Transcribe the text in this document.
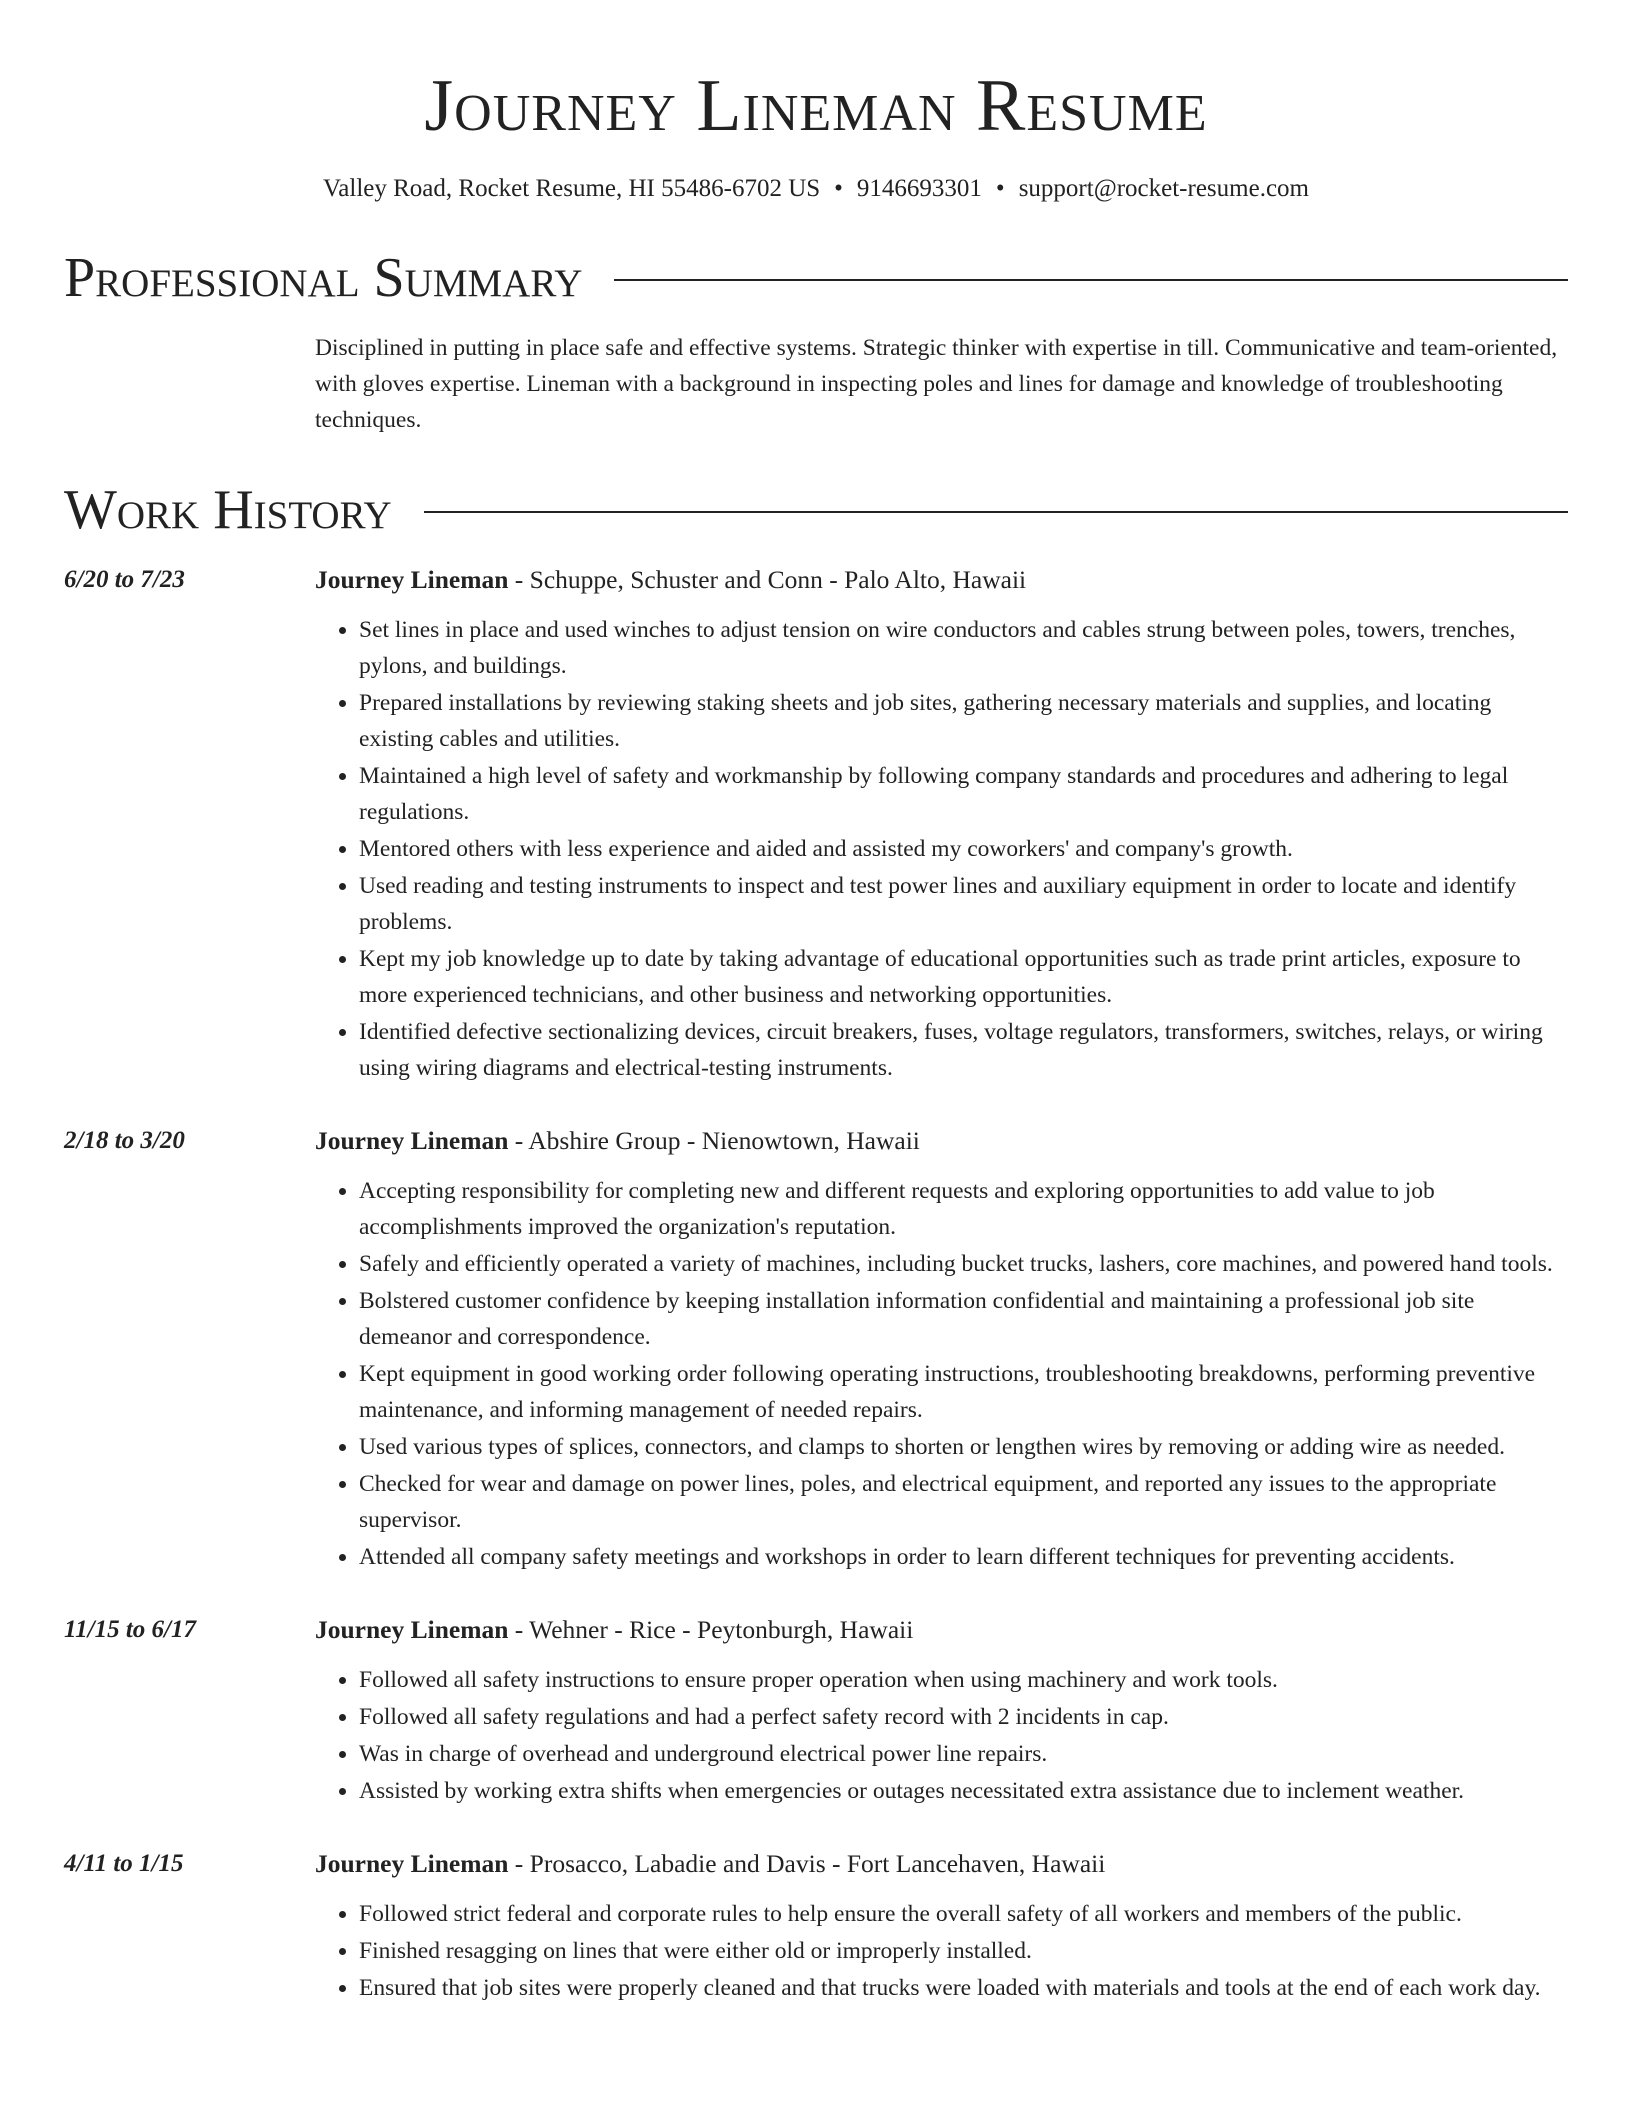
Journey Lineman Resume
Valley Road, Rocket Resume, HI 55486-6702 US • 9146693301 • support@rocket-resume.com
Professional Summary
Disciplined in putting in place safe and effective systems. Strategic thinker with expertise in till. Communicative and team-oriented, with gloves expertise. Lineman with a background in inspecting poles and lines for damage and knowledge of troubleshooting techniques.
Work History
6/20 to 7/23	Journey Lineman - Schuppe, Schuster and Conn - Palo Alto, Hawaii
• Set lines in place and used winches to adjust tension on wire conductors and cables strung between poles, towers, trenches, pylons, and buildings.
• Prepared installations by reviewing staking sheets and job sites, gathering necessary materials and supplies, and locating existing cables and utilities.
• Maintained a high level of safety and workmanship by following company standards and procedures and adhering to legal regulations.
• Mentored others with less experience and aided and assisted my coworkers' and company's growth.
• Used reading and testing instruments to inspect and test power lines and auxiliary equipment in order to locate and identify problems.
• Kept my job knowledge up to date by taking advantage of educational opportunities such as trade print articles, exposure to more experienced technicians, and other business and networking opportunities.
• Identified defective sectionalizing devices, circuit breakers, fuses, voltage regulators, transformers, switches, relays, or wiring using wiring diagrams and electrical-testing instruments.
2/18 to 3/20	Journey Lineman - Abshire Group - Nienowtown, Hawaii
• Accepting responsibility for completing new and different requests and exploring opportunities to add value to job accomplishments improved the organization's reputation.
• Safely and efficiently operated a variety of machines, including bucket trucks, lashers, core machines, and powered hand tools.
• Bolstered customer confidence by keeping installation information confidential and maintaining a professional job site demeanor and correspondence.
• Kept equipment in good working order following operating instructions, troubleshooting breakdowns, performing preventive maintenance, and informing management of needed repairs.
• Used various types of splices, connectors, and clamps to shorten or lengthen wires by removing or adding wire as needed.
• Checked for wear and damage on power lines, poles, and electrical equipment, and reported any issues to the appropriate supervisor.
• Attended all company safety meetings and workshops in order to learn different techniques for preventing accidents.
11/15 to 6/17	Journey Lineman - Wehner - Rice - Peytonburgh, Hawaii
• Followed all safety instructions to ensure proper operation when using machinery and work tools.
• Followed all safety regulations and had a perfect safety record with 2 incidents in cap.
• Was in charge of overhead and underground electrical power line repairs.
• Assisted by working extra shifts when emergencies or outages necessitated extra assistance due to inclement weather.
4/11 to 1/15	Journey Lineman - Prosacco, Labadie and Davis - Fort Lancehaven, Hawaii
• Followed strict federal and corporate rules to help ensure the overall safety of all workers and members of the public.
• Finished resagging on lines that were either old or improperly installed.
• Ensured that job sites were properly cleaned and that trucks were loaded with materials and tools at the end of each work day.
